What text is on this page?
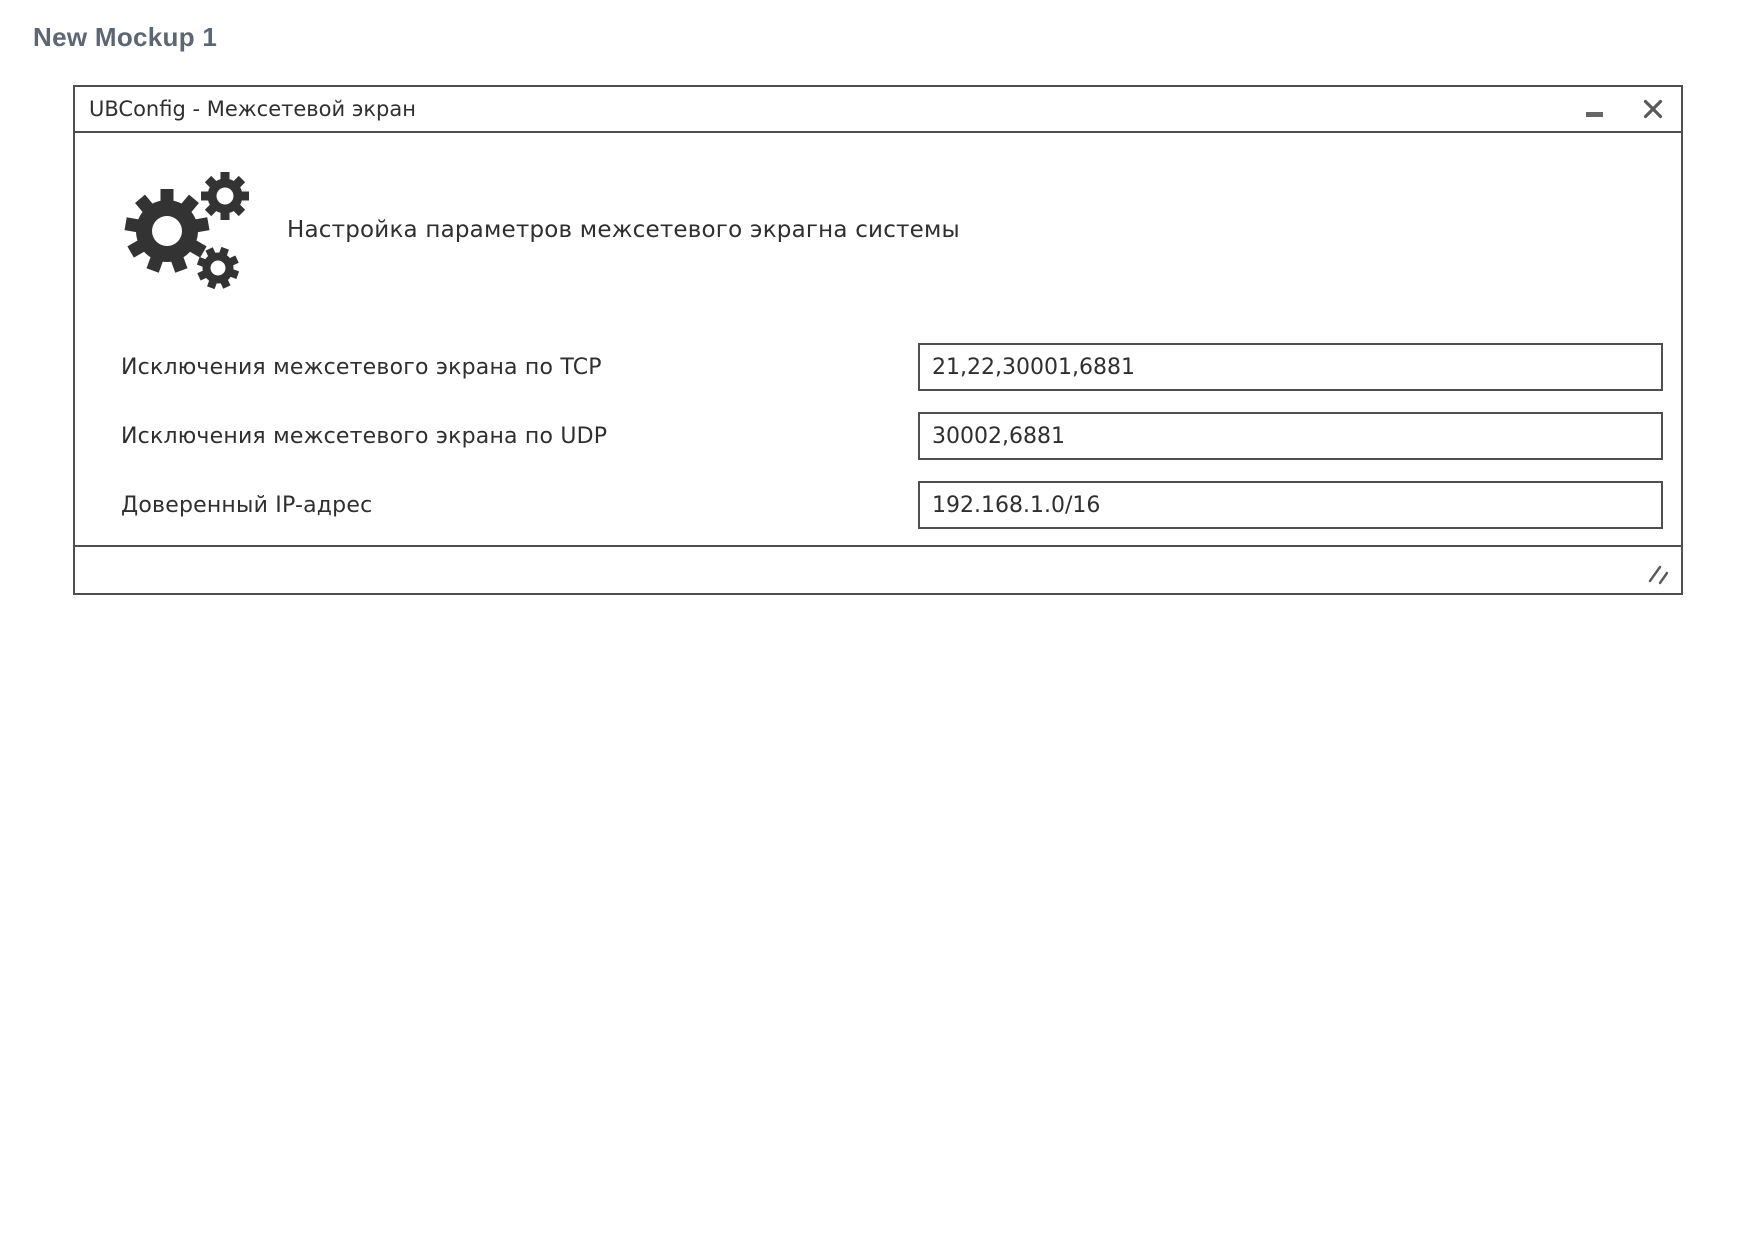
New Mockup 1
UBConfig - Межсетевой экран
Настройка параметров межсетевого экрагна системы
Исключения межсетевого экрана по TCP
21,22,30001,6881
Исключения межсетевого экрана по UDP
30002,6881
Доверенный IP-адрес
192.168.1.0/16
